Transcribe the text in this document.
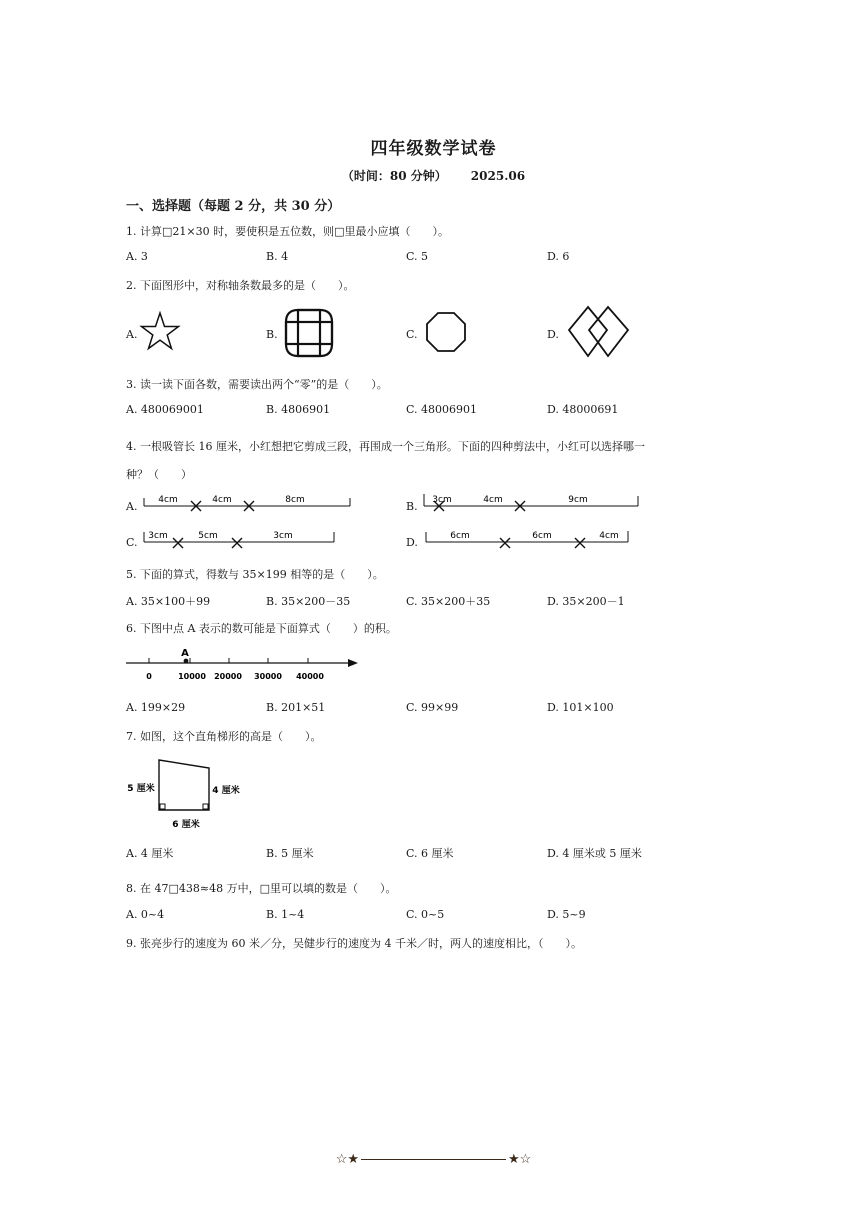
四年级数学试卷
（时间：80 分钟） 2025.06
一、选择题（每题 2 分，共 30 分）
1. 计算□21×30 时，要使积是五位数，则□里最小应填（　　）。
A. 3	B. 4	C. 5	D. 6
2. 下面图形中，对称轴条数最多的是（　　）。
A.	B.	C.	D.
3. 读一读下面各数，需要读出两个“零”的是（　　）。
A. 480069001	B. 4806901	C. 48006901	D. 48000691
4. 一根吸管长 16 厘米，小红想把它剪成三段，再围成一个三角形。下面的四种剪法中，小红可以选择哪一
种？（　　）
A.	B.
C.	D.
4cm	4cm	8cm	3cm	4cm	9cm
3cm	5cm	3cm	6cm	6cm	4cm
5. 下面的算式，得数与 35×199 相等的是（　　）。
A. 35×100＋99	B. 35×200－35	C. 35×200＋35	D. 35×200－1
6. 下图中点 A 表示的数可能是下面算式（　　）的积。
A
0	10000 20000 30000 40000
A. 199×29	B. 201×51	C. 99×99	D. 101×100
7. 如图，这个直角梯形的高是（　　）。
5 厘米	4 厘米
6 厘米
A. 4 厘米	B. 5 厘米	C. 6 厘米	D. 4 厘米或 5 厘米
8. 在 47□438≈48 万中，□里可以填的数是（　　）。
A. 0~4	B. 1~4	C. 0~5	D. 5~9
9. 张亮步行的速度为 60 米／分，吴健步行的速度为 4 千米／时，两人的速度相比，（　　）。
☆★	★☆
